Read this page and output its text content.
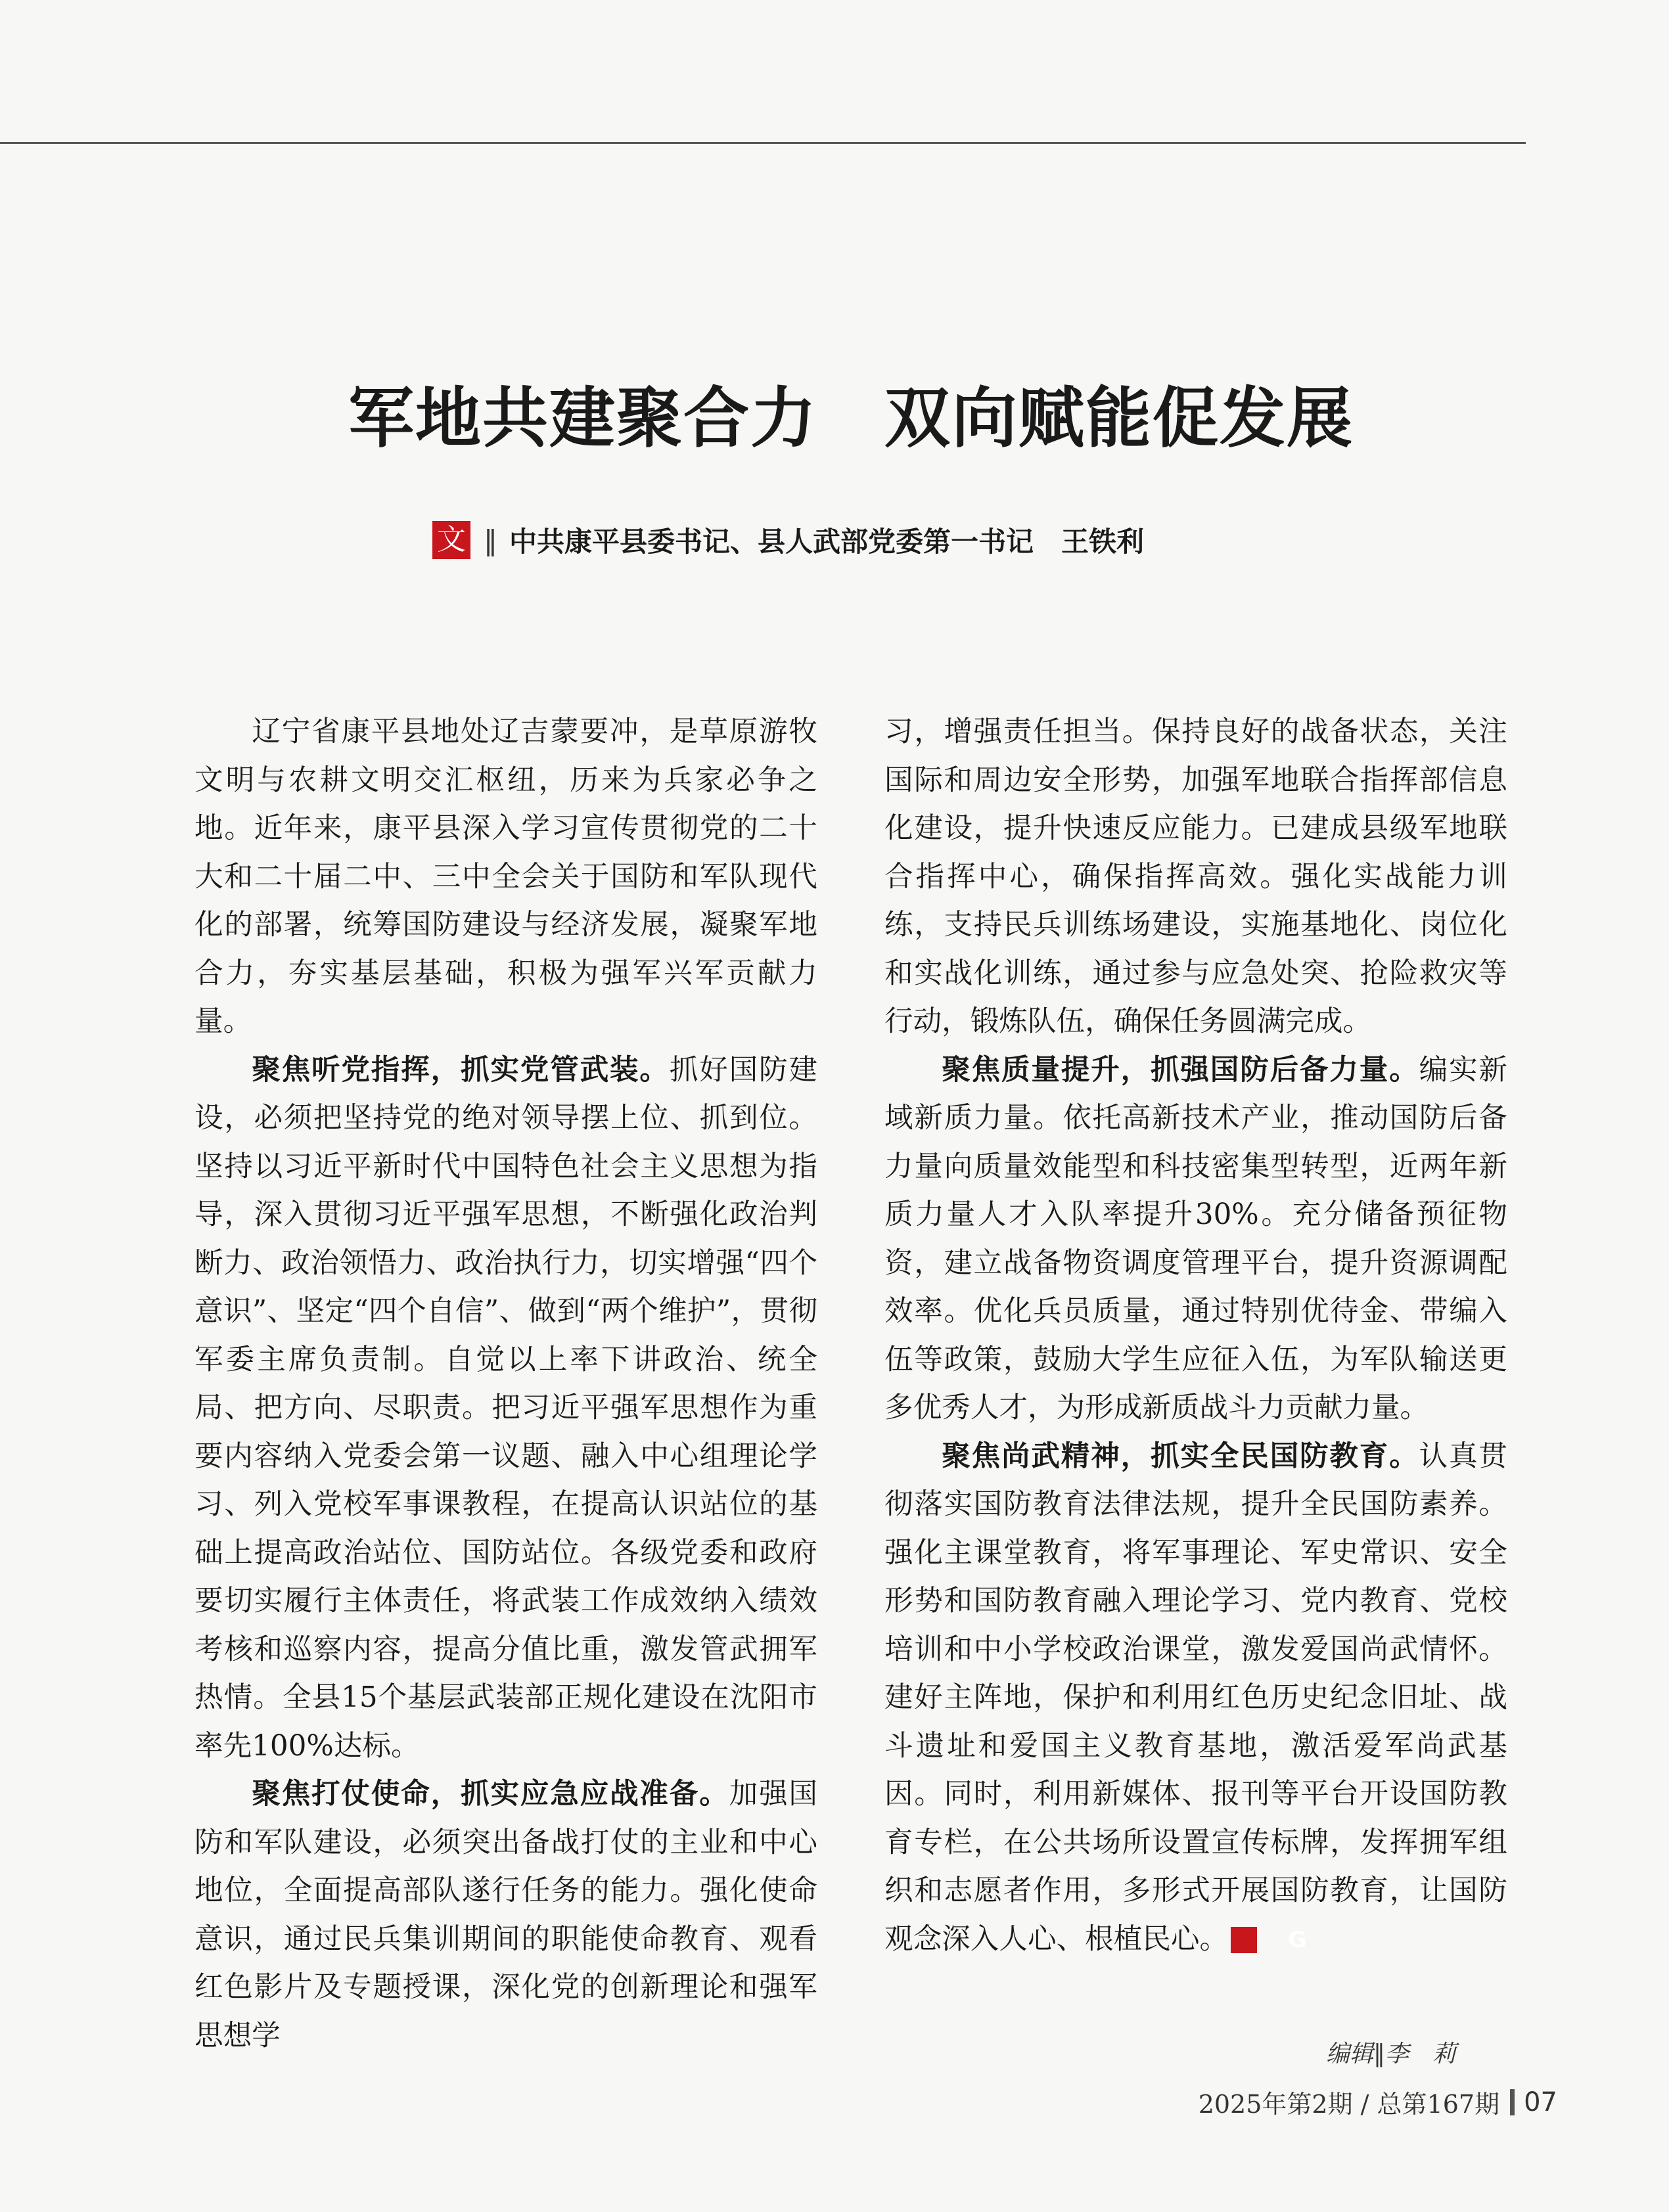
军地共建聚合力　双向赋能促发展
文 ‖ 中共康平县委书记、县人武部党委第一书记　王铁利

辽宁省康平县地处辽吉蒙要冲，是草原游牧文明与农耕文明交汇枢纽，历来为兵家必争之地。近年来，康平县深入学习宣传贯彻党的二十大和二十届二中、三中全会关于国防和军队现代化的部署，统筹国防建设与经济发展，凝聚军地合力，夯实基层基础，积极为强军兴军贡献力量。

聚焦听党指挥，抓实党管武装。抓好国防建设，必须把坚持党的绝对领导摆上位、抓到位。坚持以习近平新时代中国特色社会主义思想为指导，深入贯彻习近平强军思想，不断强化政治判断力、政治领悟力、政治执行力，切实增强“四个意识”、坚定“四个自信”、做到“两个维护”，贯彻军委主席负责制。自觉以上率下讲政治、统全局、把方向、尽职责。把习近平强军思想作为重要内容纳入党委会第一议题、融入中心组理论学习、列入党校军事课教程，在提高认识站位的基础上提高政治站位、国防站位。各级党委和政府要切实履行主体责任，将武装工作成效纳入绩效考核和巡察内容，提高分值比重，激发管武拥军热情。全县15个基层武装部正规化建设在沈阳市率先100%达标。

聚焦打仗使命，抓实应急应战准备。加强国防和军队建设，必须突出备战打仗的主业和中心地位，全面提高部队遂行任务的能力。强化使命意识，通过民兵集训期间的职能使命教育、观看红色影片及专题授课，深化党的创新理论和强军思想学

习，增强责任担当。保持良好的战备状态，关注国际和周边安全形势，加强军地联合指挥部信息化建设，提升快速反应能力。已建成县级军地联合指挥中心，确保指挥高效。强化实战能力训练，支持民兵训练场建设，实施基地化、岗位化和实战化训练，通过参与应急处突、抢险救灾等行动，锻炼队伍，确保任务圆满完成。

聚焦质量提升，抓强国防后备力量。编实新域新质力量。依托高新技术产业，推动国防后备力量向质量效能型和科技密集型转型，近两年新质力量人才入队率提升30%。充分储备预征物资，建立战备物资调度管理平台，提升资源调配效率。优化兵员质量，通过特别优待金、带编入伍等政策，鼓励大学生应征入伍，为军队输送更多优秀人才，为形成新质战斗力贡献力量。

聚焦尚武精神，抓实全民国防教育。认真贯彻落实国防教育法律法规，提升全民国防素养。强化主课堂教育，将军事理论、军史常识、安全形势和国防教育融入理论学习、党内教育、党校培训和中小学校政治课堂，激发爱国尚武情怀。建好主阵地，保护和利用红色历史纪念旧址、战斗遗址和爱国主义教育基地，激活爱军尚武基因。同时，利用新媒体、报刊等平台开设国防教育专栏，在公共场所设置宣传标牌，发挥拥军组织和志愿者作用，多形式开展国防教育，让国防观念深入人心、根植民心。	G

编辑‖李　莉
2025年第2期 / 总第167期 07
